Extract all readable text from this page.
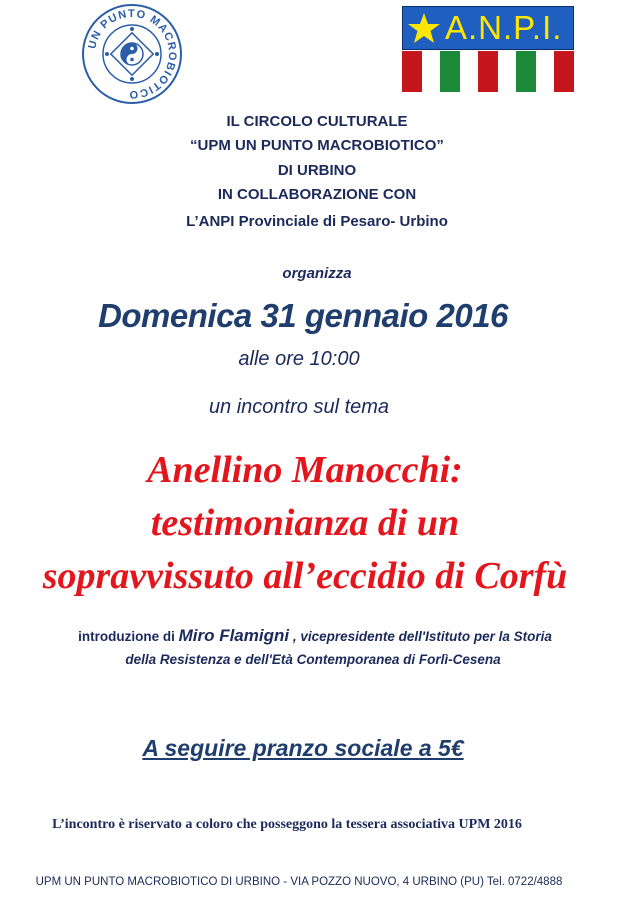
UN PUNTO MACROBIOTICO
A.N.P.I.
IL CIRCOLO CULTURALE
“UPM UN PUNTO MACROBIOTICO”
DI URBINO
IN COLLABORAZIONE CON
L’ANPI Provinciale di Pesaro- Urbino
organizza
Domenica 31 gennaio 2016
alle ore 10:00
un incontro sul tema
Anellino Manocchi:
testimonianza di un
sopravvissuto all’eccidio di Corfù
introduzione di Miro Flamigni , vicepresidente dell'Istituto per la Storia
della Resistenza e dell'Età Contemporanea di Forlì-Cesena
A seguire pranzo sociale a 5€
L’incontro è riservato a coloro che posseggono la tessera associativa UPM 2016
UPM UN PUNTO MACROBIOTICO DI URBINO - VIA POZZO NUOVO, 4 URBINO (PU) Tel. 0722/4888
